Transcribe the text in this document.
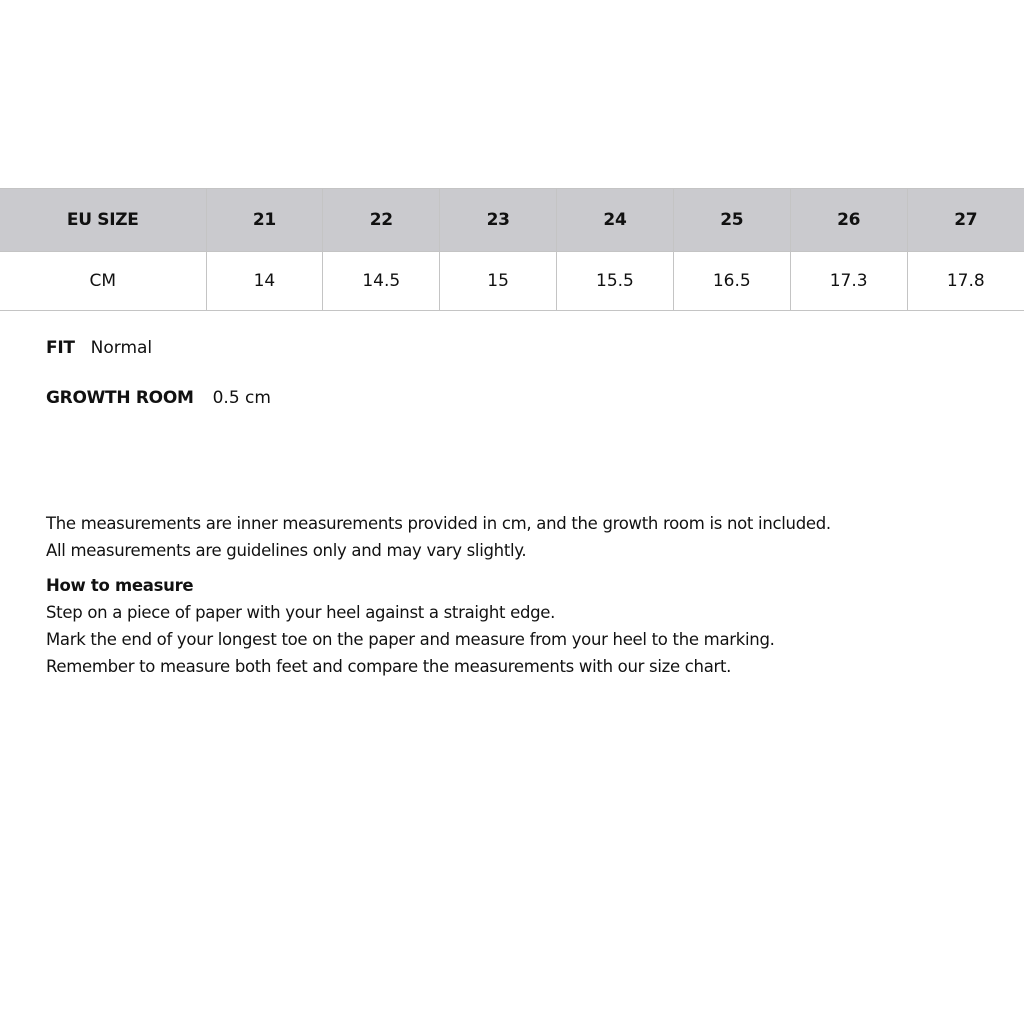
EU SIZE	21	22	23	24	25	26	27
CM	14	14.5	15	15.5	16.5	17.3	17.8
FIT Normal
GROWTH ROOM 0.5 cm

The measurements are inner measurements provided in cm, and the growth room is not included.

All measurements are guidelines only and may vary slightly.

How to measure

Step on a piece of paper with your heel against a straight edge.

Mark the end of your longest toe on the paper and measure from your heel to the marking.

Remember to measure both feet and compare the measurements with our size chart.
